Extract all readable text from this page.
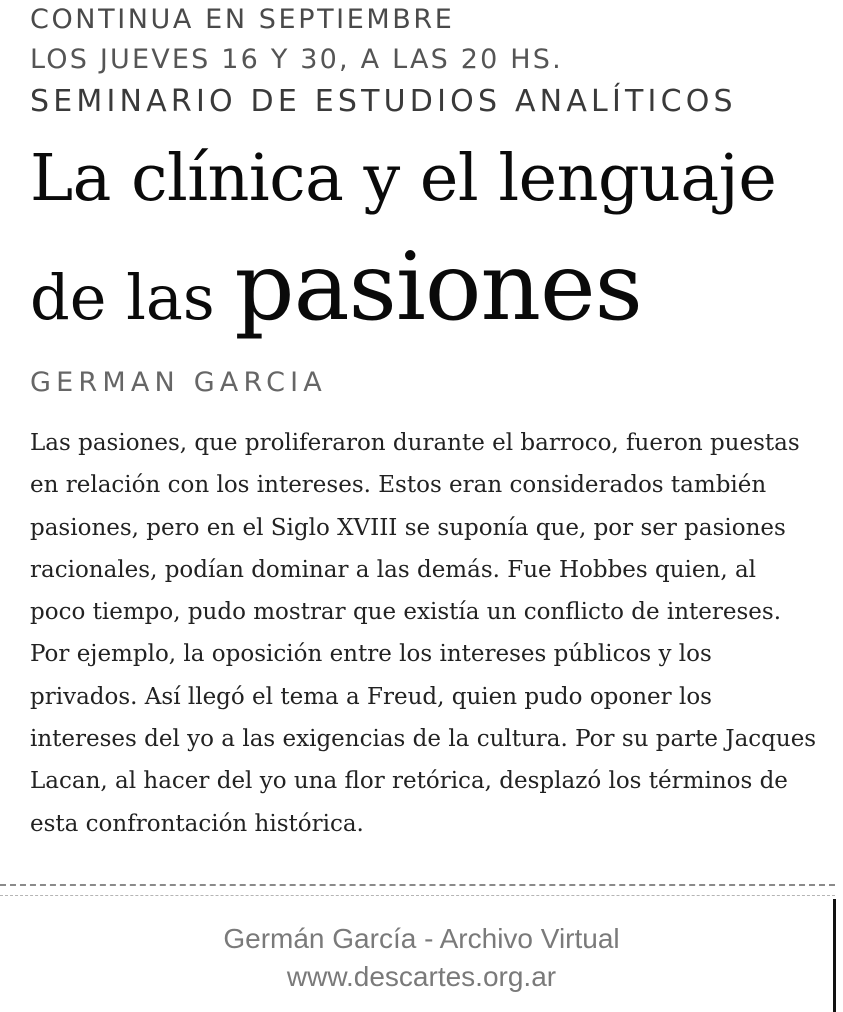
CONTINUA EN SEPTIEMBRE

LOS JUEVES 16 Y 30, A LAS 20 HS.

SEMINARIO DE ESTUDIOS ANALÍTICOS

La clínica y el lenguaje
de las pasiones

GERMAN GARCIA

Las pasiones, que proliferaron durante el barroco, fueron puestas
en relación con los intereses. Estos eran considerados también
pasiones, pero en el Siglo XVIII se suponía que, por ser pasiones
racionales, podían dominar a las demás. Fue Hobbes quien, al
poco tiempo, pudo mostrar que existía un conflicto de intereses.
Por ejemplo, la oposición entre los intereses públicos y los
privados. Así llegó el tema a Freud, quien pudo oponer los
intereses del yo a las exigencias de la cultura. Por su parte Jacques
Lacan, al hacer del yo una flor retórica, desplazó los términos de
esta confrontación histórica.

Germán García - Archivo Virtual
www.descartes.org.ar
